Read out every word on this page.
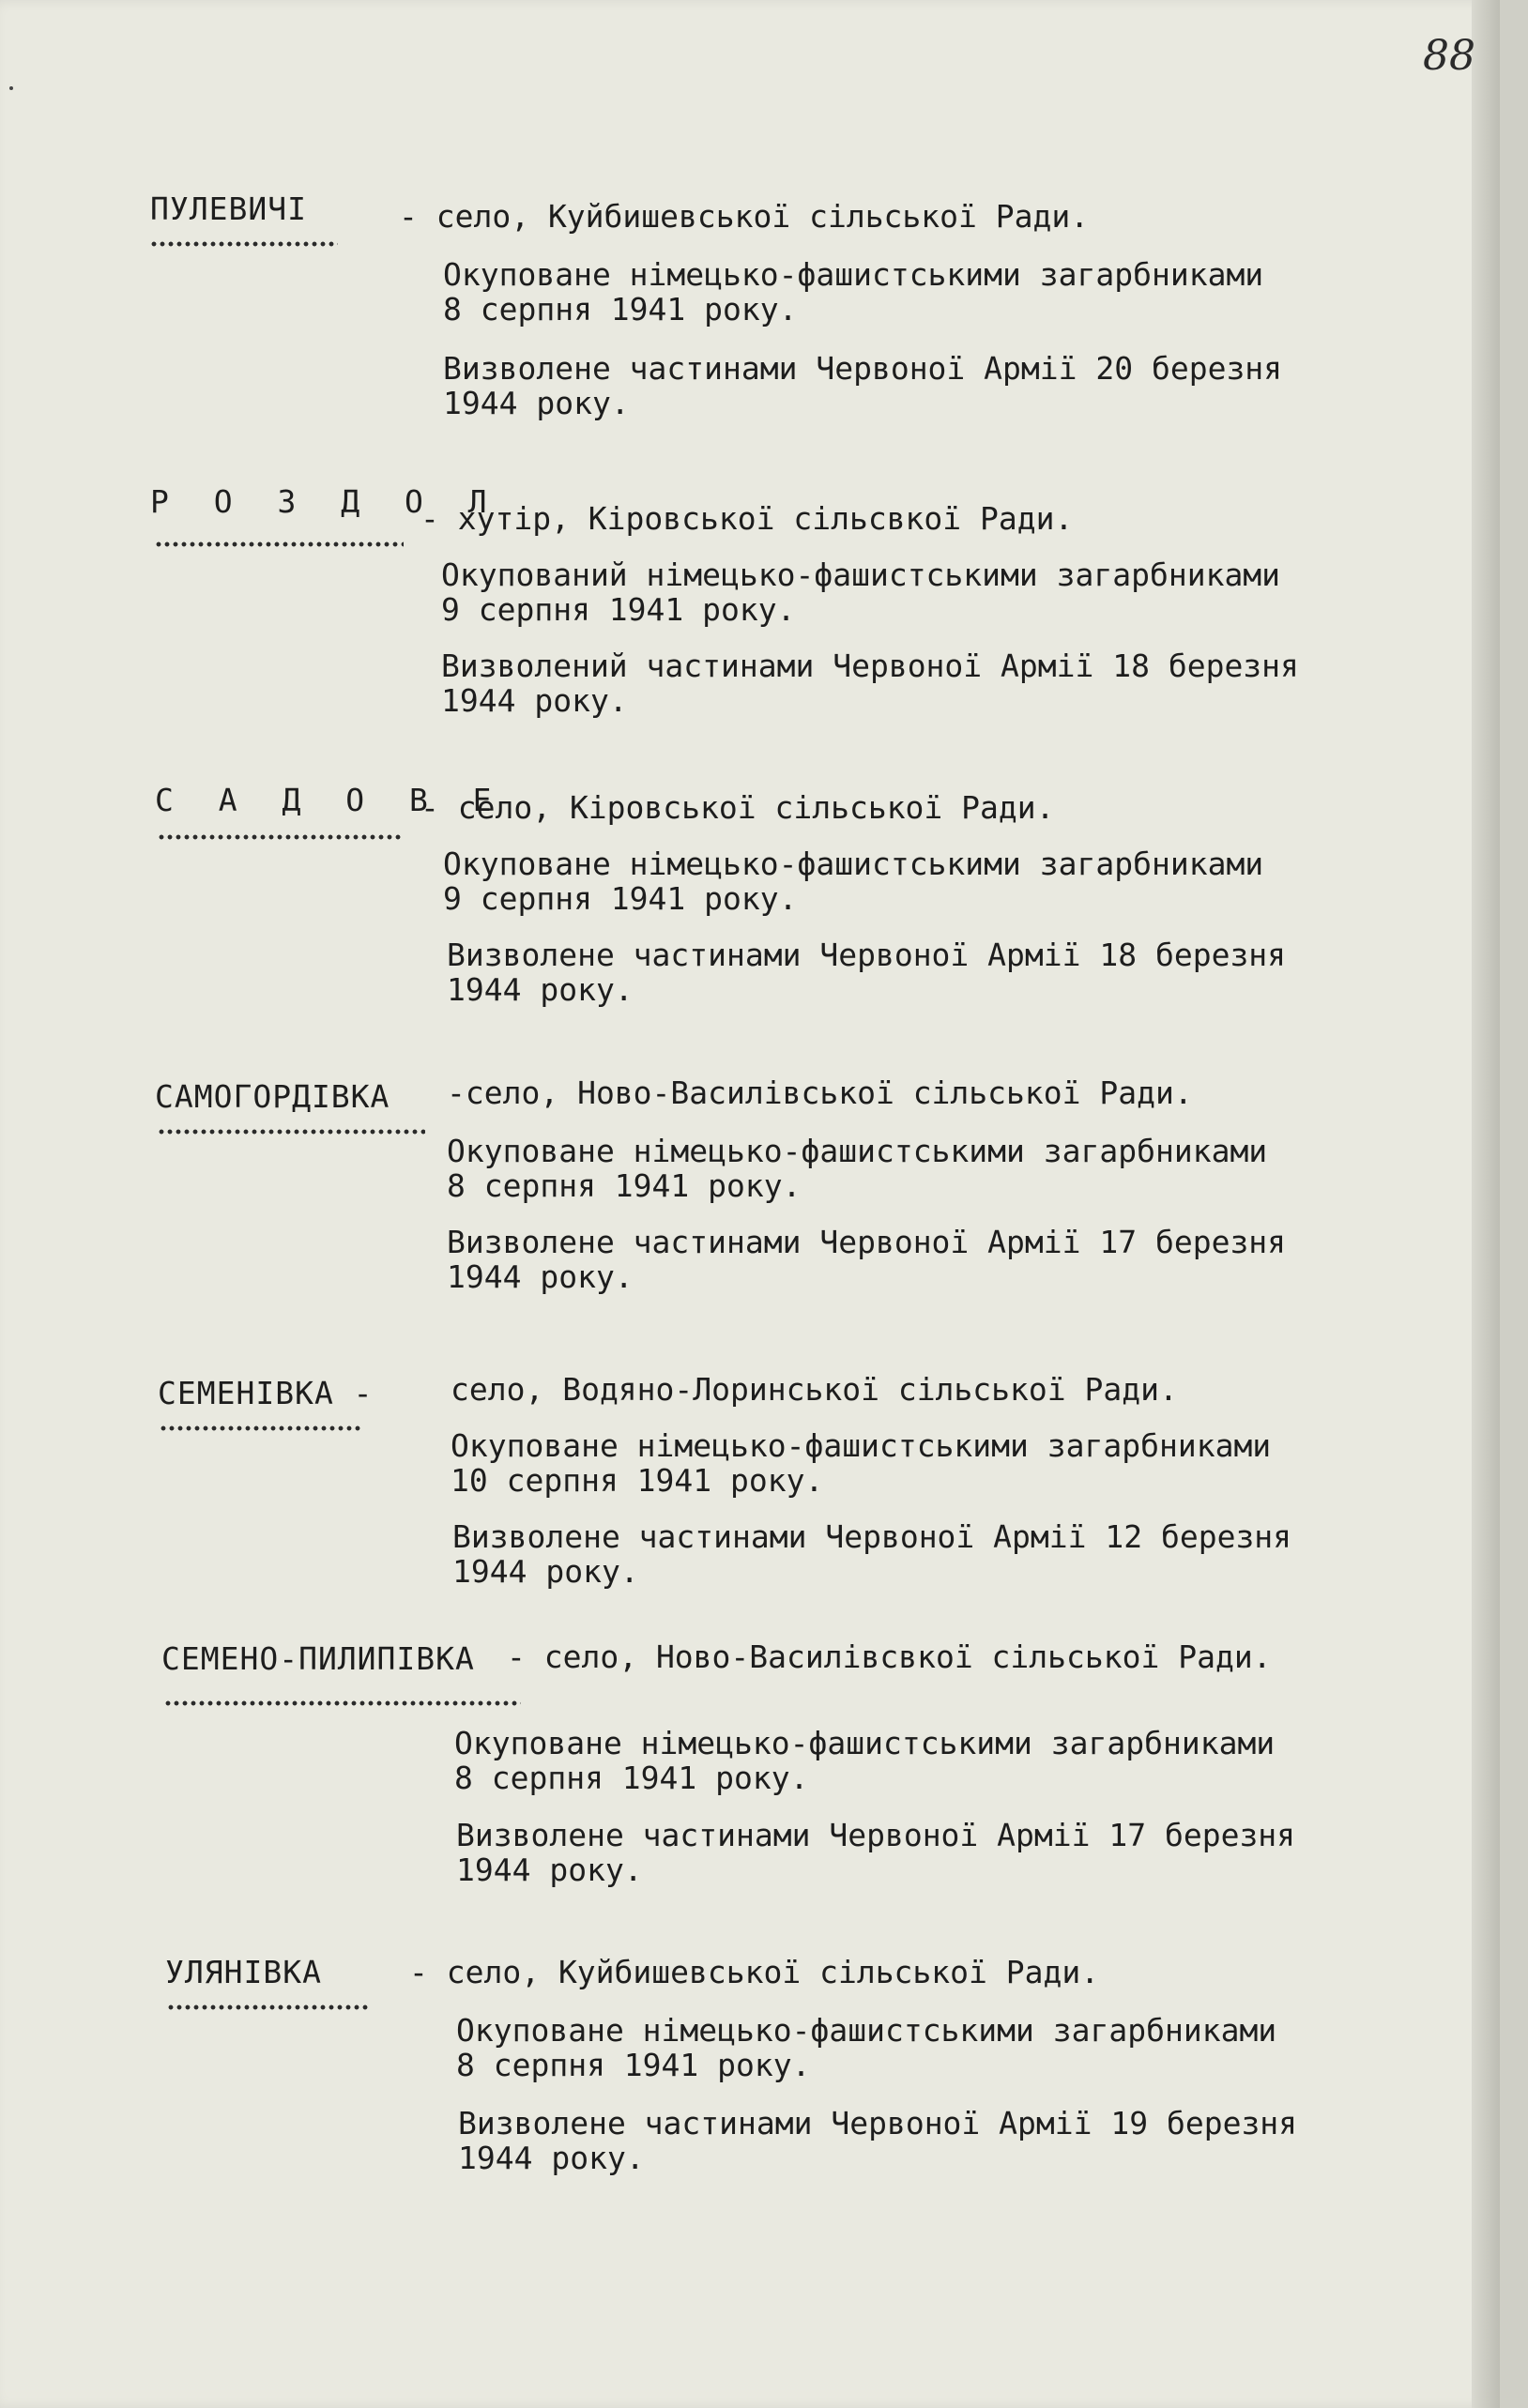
88
ПУЛЕВИЧІ	- село, Куйбишевської сільської Ради.
Окуповане німецько-фашистськими загарбниками
8 серпня 1941 року.
Визволене частинами Червоної Армії 20 березня
1944 року.
Р О З Д О Л
- хутір, Кіровської сільсвкої Ради.
Окупований німецько-фашистськими загарбниками
9 серпня 1941 року.
Визволений частинами Червоної Армії 18 березня
1944 року.
С А Д О В Е
- село, Кіровської сільської Ради.
Окуповане німецько-фашистськими загарбниками
9 серпня 1941 року.
Визволене частинами Червоної Армії 18 березня
1944 року.
САМОГОРДІВКА -село, Ново-Василівської сільської Ради.
Окуповане німецько-фашистськими загарбниками
8 серпня 1941 року.
Визволене частинами Червоної Армії 17 березня
1944 року.
СЕМЕНІВКА - село, Водяно-Лоринської сільської Ради.
Окуповане німецько-фашистськими загарбниками
10 серпня 1941 року.
Визволене частинами Червоної Армії 12 березня
1944 року.
СЕМЕНО-ПИЛИПІВКА - село, Ново-Василівсвкої сільської Ради.
Окуповане німецько-фашистськими загарбниками
8 серпня 1941 року.
Визволене частинами Червоної Армії 17 березня
1944 року.
УЛЯНІВКА	- село, Куйбишевської сільської Ради.
Окуповане німецько-фашистськими загарбниками
8 серпня 1941 року.
Визволене частинами Червоної Армії 19 березня
1944 року.
